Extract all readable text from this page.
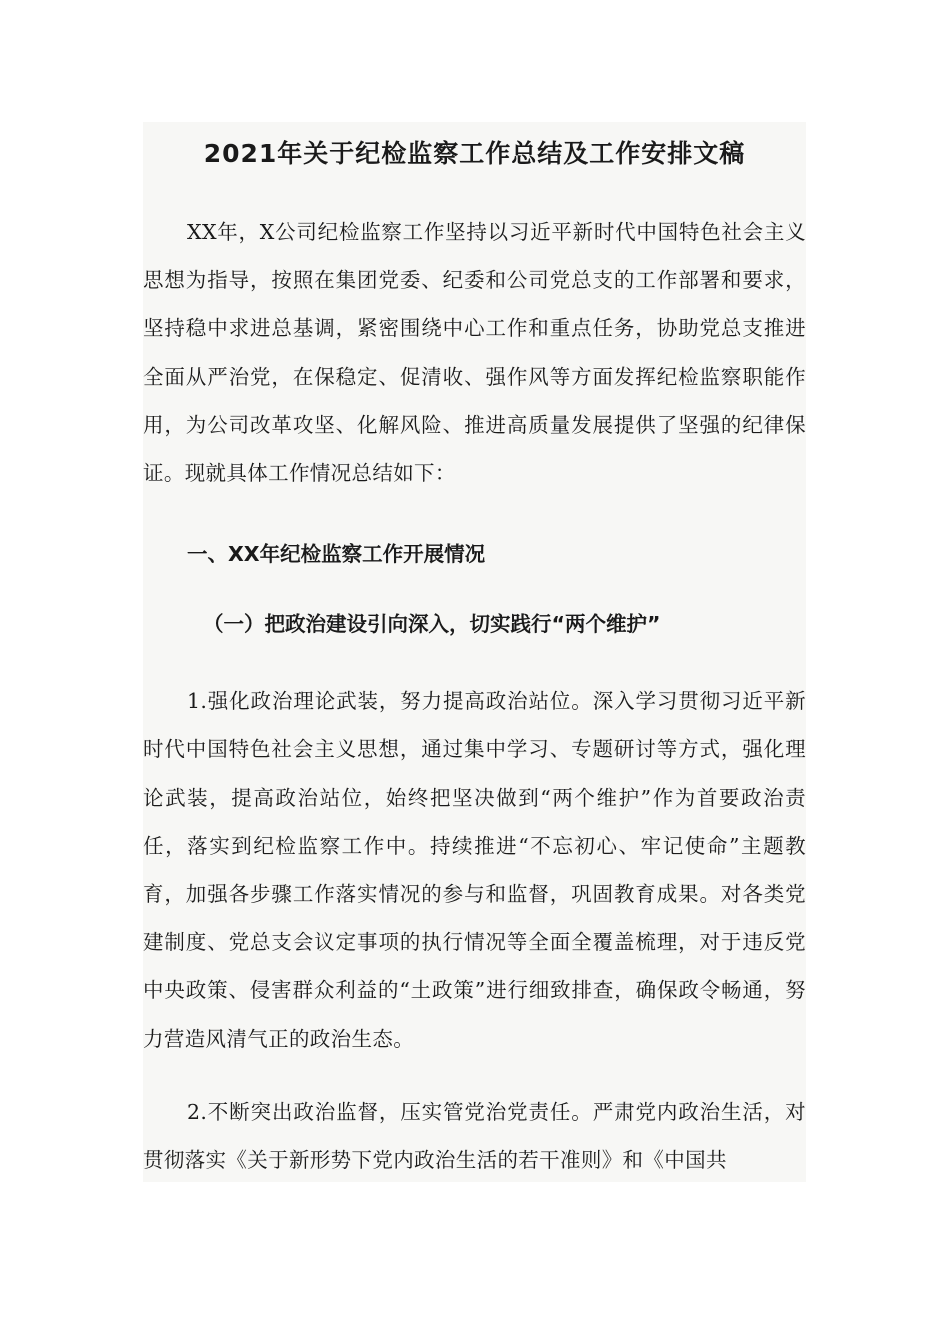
2021年关于纪检监察工作总结及工作安排文稿

XX年，X公司纪检监察工作坚持以习近平新时代中国特色社会主义思想为指导，按照在集团党委、纪委和公司党总支的工作部署和要求，坚持稳中求进总基调，紧密围绕中心工作和重点任务，协助党总支推进全面从严治党，在保稳定、促清收、强作风等方面发挥纪检监察职能作用，为公司改革攻坚、化解风险、推进高质量发展提供了坚强的纪律保证。现就具体工作情况总结如下：

一、XX年纪检监察工作开展情况

（一）把政治建设引向深入，切实践行“两个维护”

1.强化政治理论武装，努力提高政治站位。深入学习贯彻习近平新时代中国特色社会主义思想，通过集中学习、专题研讨等方式，强化理论武装，提高政治站位，始终把坚决做到“两个维护”作为首要政治责任，落实到纪检监察工作中。持续推进“不忘初心、牢记使命”主题教育，加强各步骤工作落实情况的参与和监督，巩固教育成果。对各类党建制度、党总支会议定事项的执行情况等全面全覆盖梳理，对于违反党中央政策、侵害群众利益的“土政策”进行细致排查，确保政令畅通，努力营造风清气正的政治生态。

2.不断突出政治监督，压实管党治党责任。严肃党内政治生活，对贯彻落实《关于新形势下党内政治生活的若干准则》和《中国共
